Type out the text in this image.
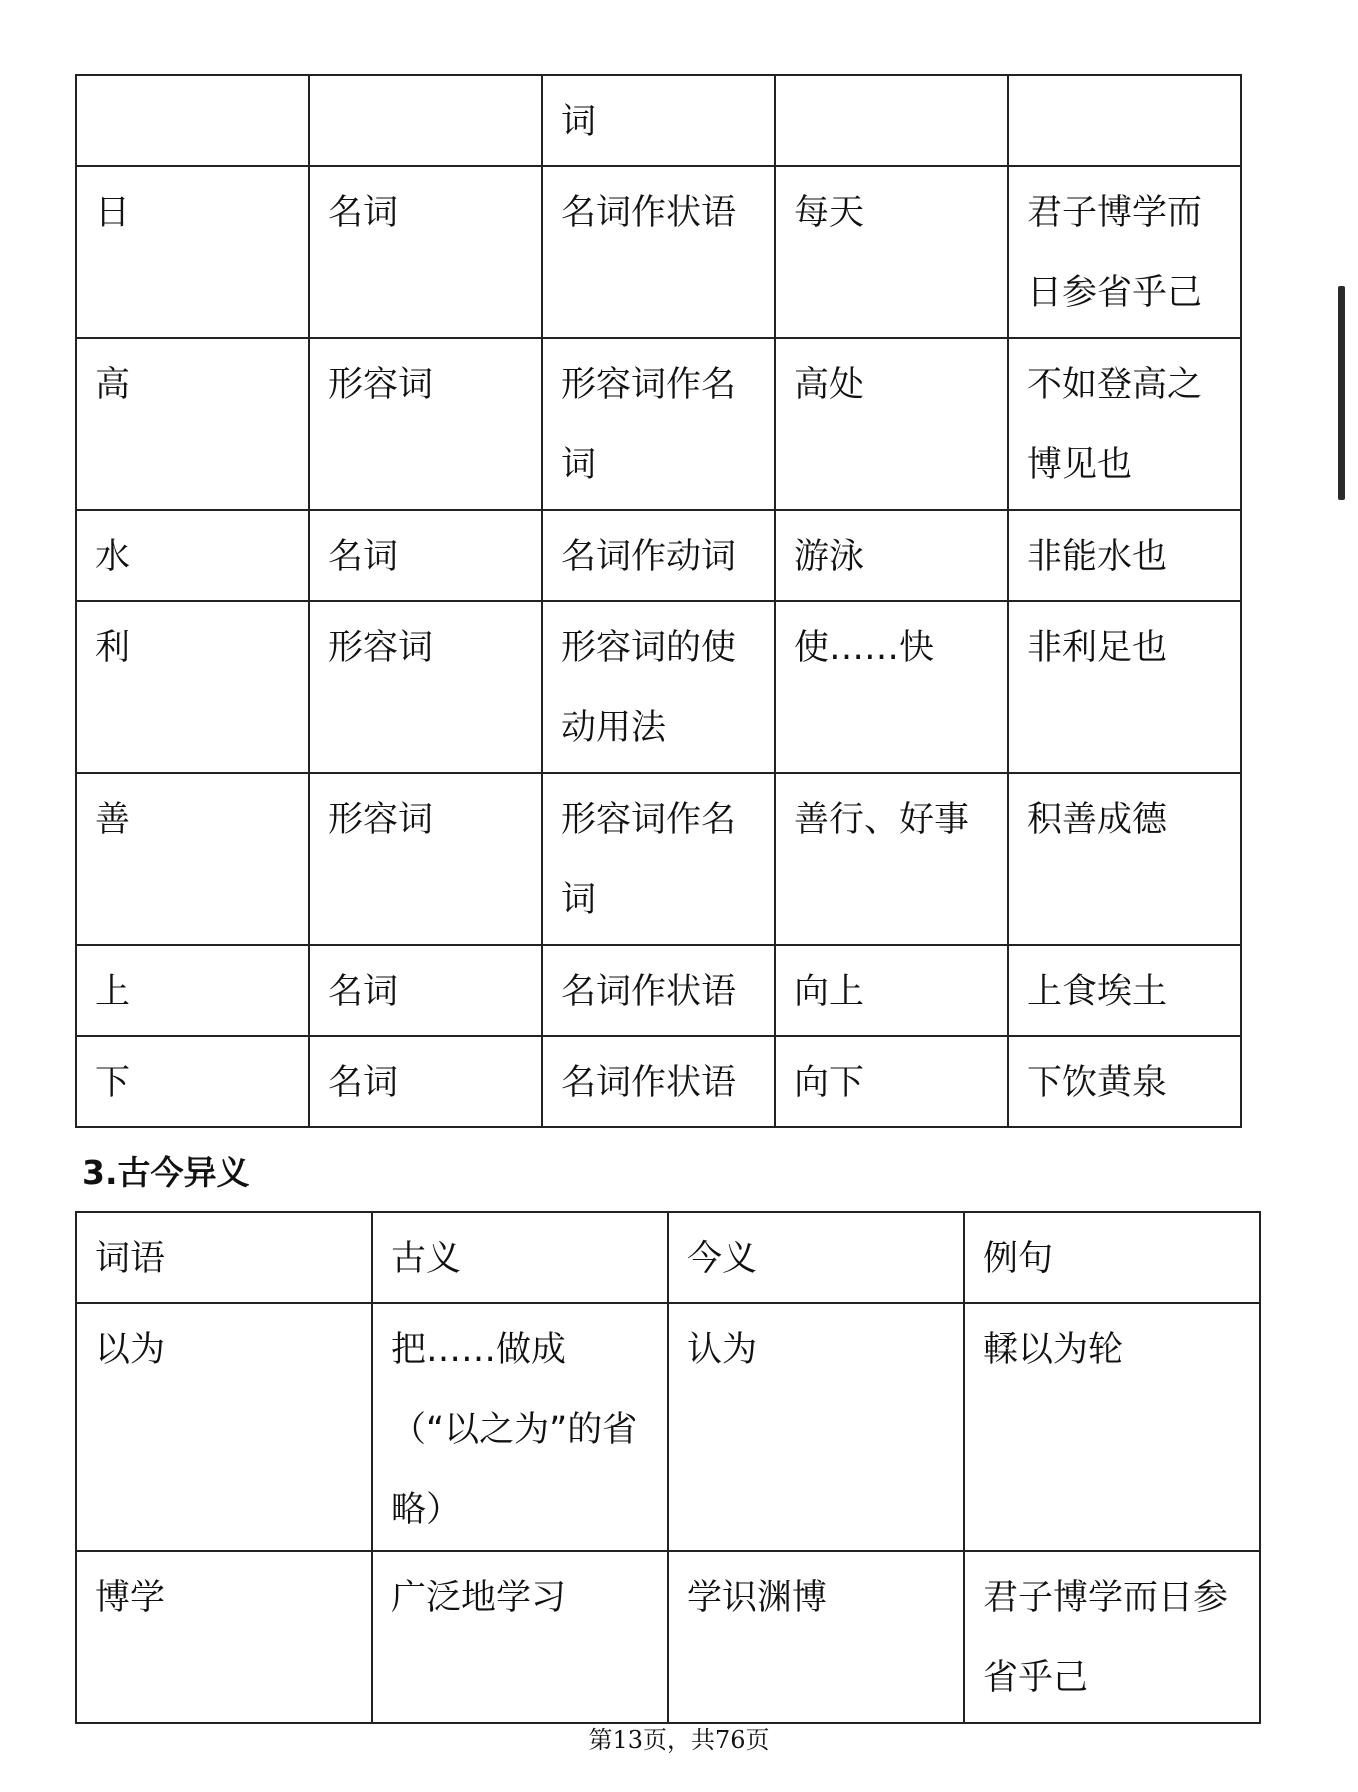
		词		
日	名词	名词作状语	每天	君子博学而日参省乎己
高	形容词	形容词作名词	高处	不如登高之博见也
水	名词	名词作动词	游泳	非能水也
利	形容词	形容词的使动用法	使……快	非利足也
善	形容词	形容词作名词	善行、好事	积善成德
上	名词	名词作状语	向上	上食埃土
下	名词	名词作状语	向下	下饮黄泉
3.古今异义
词语	古义	今义	例句
以为	把……做成（“以之为”的省略）	认为	輮以为轮
博学	广泛地学习	学识渊博	君子博学而日参省乎己
第13页，共76页
